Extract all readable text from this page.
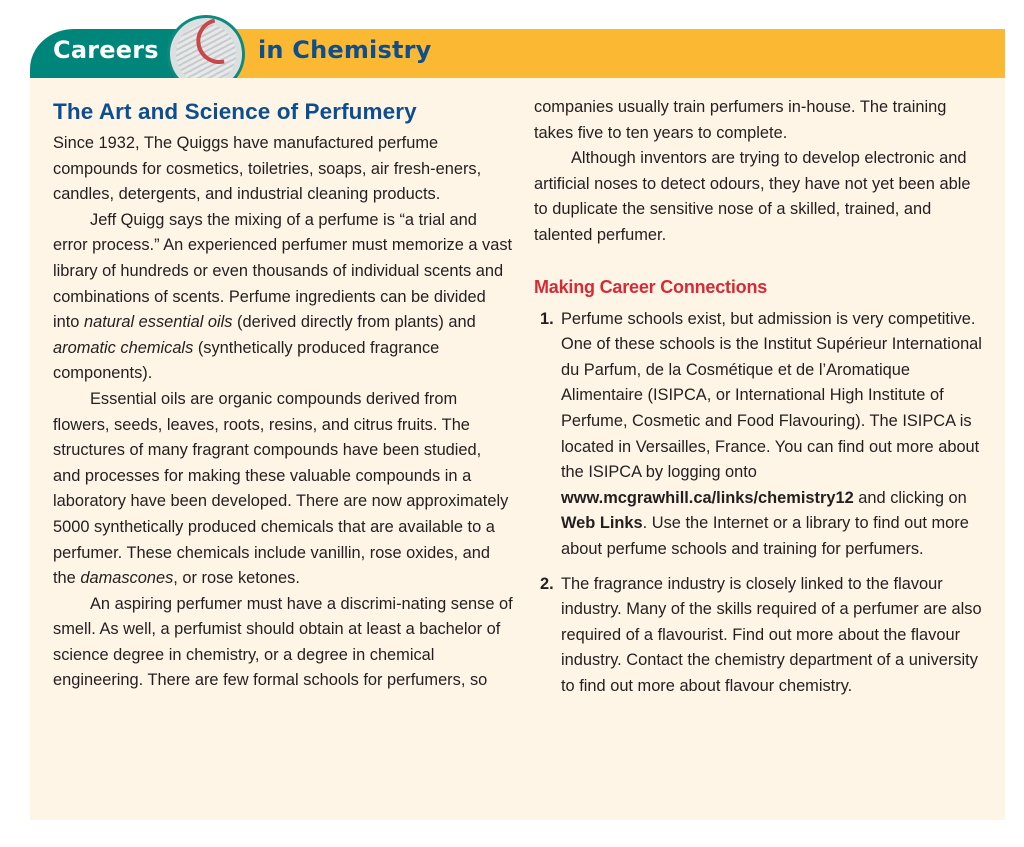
Careers	in Chemistry
The Art and Science of Perfumery

Since 1932, The Quiggs have manufactured perfume compounds for cosmetics, toiletries, soaps, air fresh-eners, candles, detergents, and industrial cleaning products.

Jeff Quigg says the mixing of a perfume is “a trial and error process.” An experienced perfumer must memorize a vast library of hundreds or even thousands of individual scents and combinations of scents. Perfume ingredients can be divided into natural essential oils (derived directly from plants) and aromatic chemicals (synthetically produced fragrance components).

Essential oils are organic compounds derived from flowers, seeds, leaves, roots, resins, and citrus fruits. The structures of many fragrant compounds have been studied, and processes for making these valuable compounds in a laboratory have been developed. There are now approximately 5000 synthetically produced chemicals that are available to a perfumer. These chemicals include vanillin, rose oxides, and the damascones, or rose ketones.

An aspiring perfumer must have a discrimi-nating sense of smell. As well, a perfumist should obtain at least a bachelor of science degree in chemistry, or a degree in chemical engineering. There are few formal schools for perfumers, so

companies usually train perfumers in-house. The training takes five to ten years to complete.

Although inventors are trying to develop electronic and artificial noses to detect odours, they have not yet been able to duplicate the sensitive nose of a skilled, trained, and talented perfumer.

Making Career Connections
1. Perfume schools exist, but admission is very competitive. One of these schools is the Institut Supérieur International du Parfum, de la Cosmétique et de l’Aromatique Alimentaire (ISIPCA, or International High Institute of Perfume, Cosmetic and Food Flavouring). The ISIPCA is located in Versailles, France. You can find out more about the ISIPCA by logging onto www.mcgrawhill.ca/links/chemistry12 and clicking on Web Links. Use the Internet or a library to find out more about perfume schools and training for perfumers.
2. The fragrance industry is closely linked to the flavour industry. Many of the skills required of a perfumer are also required of a flavourist. Find out more about the flavour industry. Contact the chemistry department of a university to find out more about flavour chemistry.
